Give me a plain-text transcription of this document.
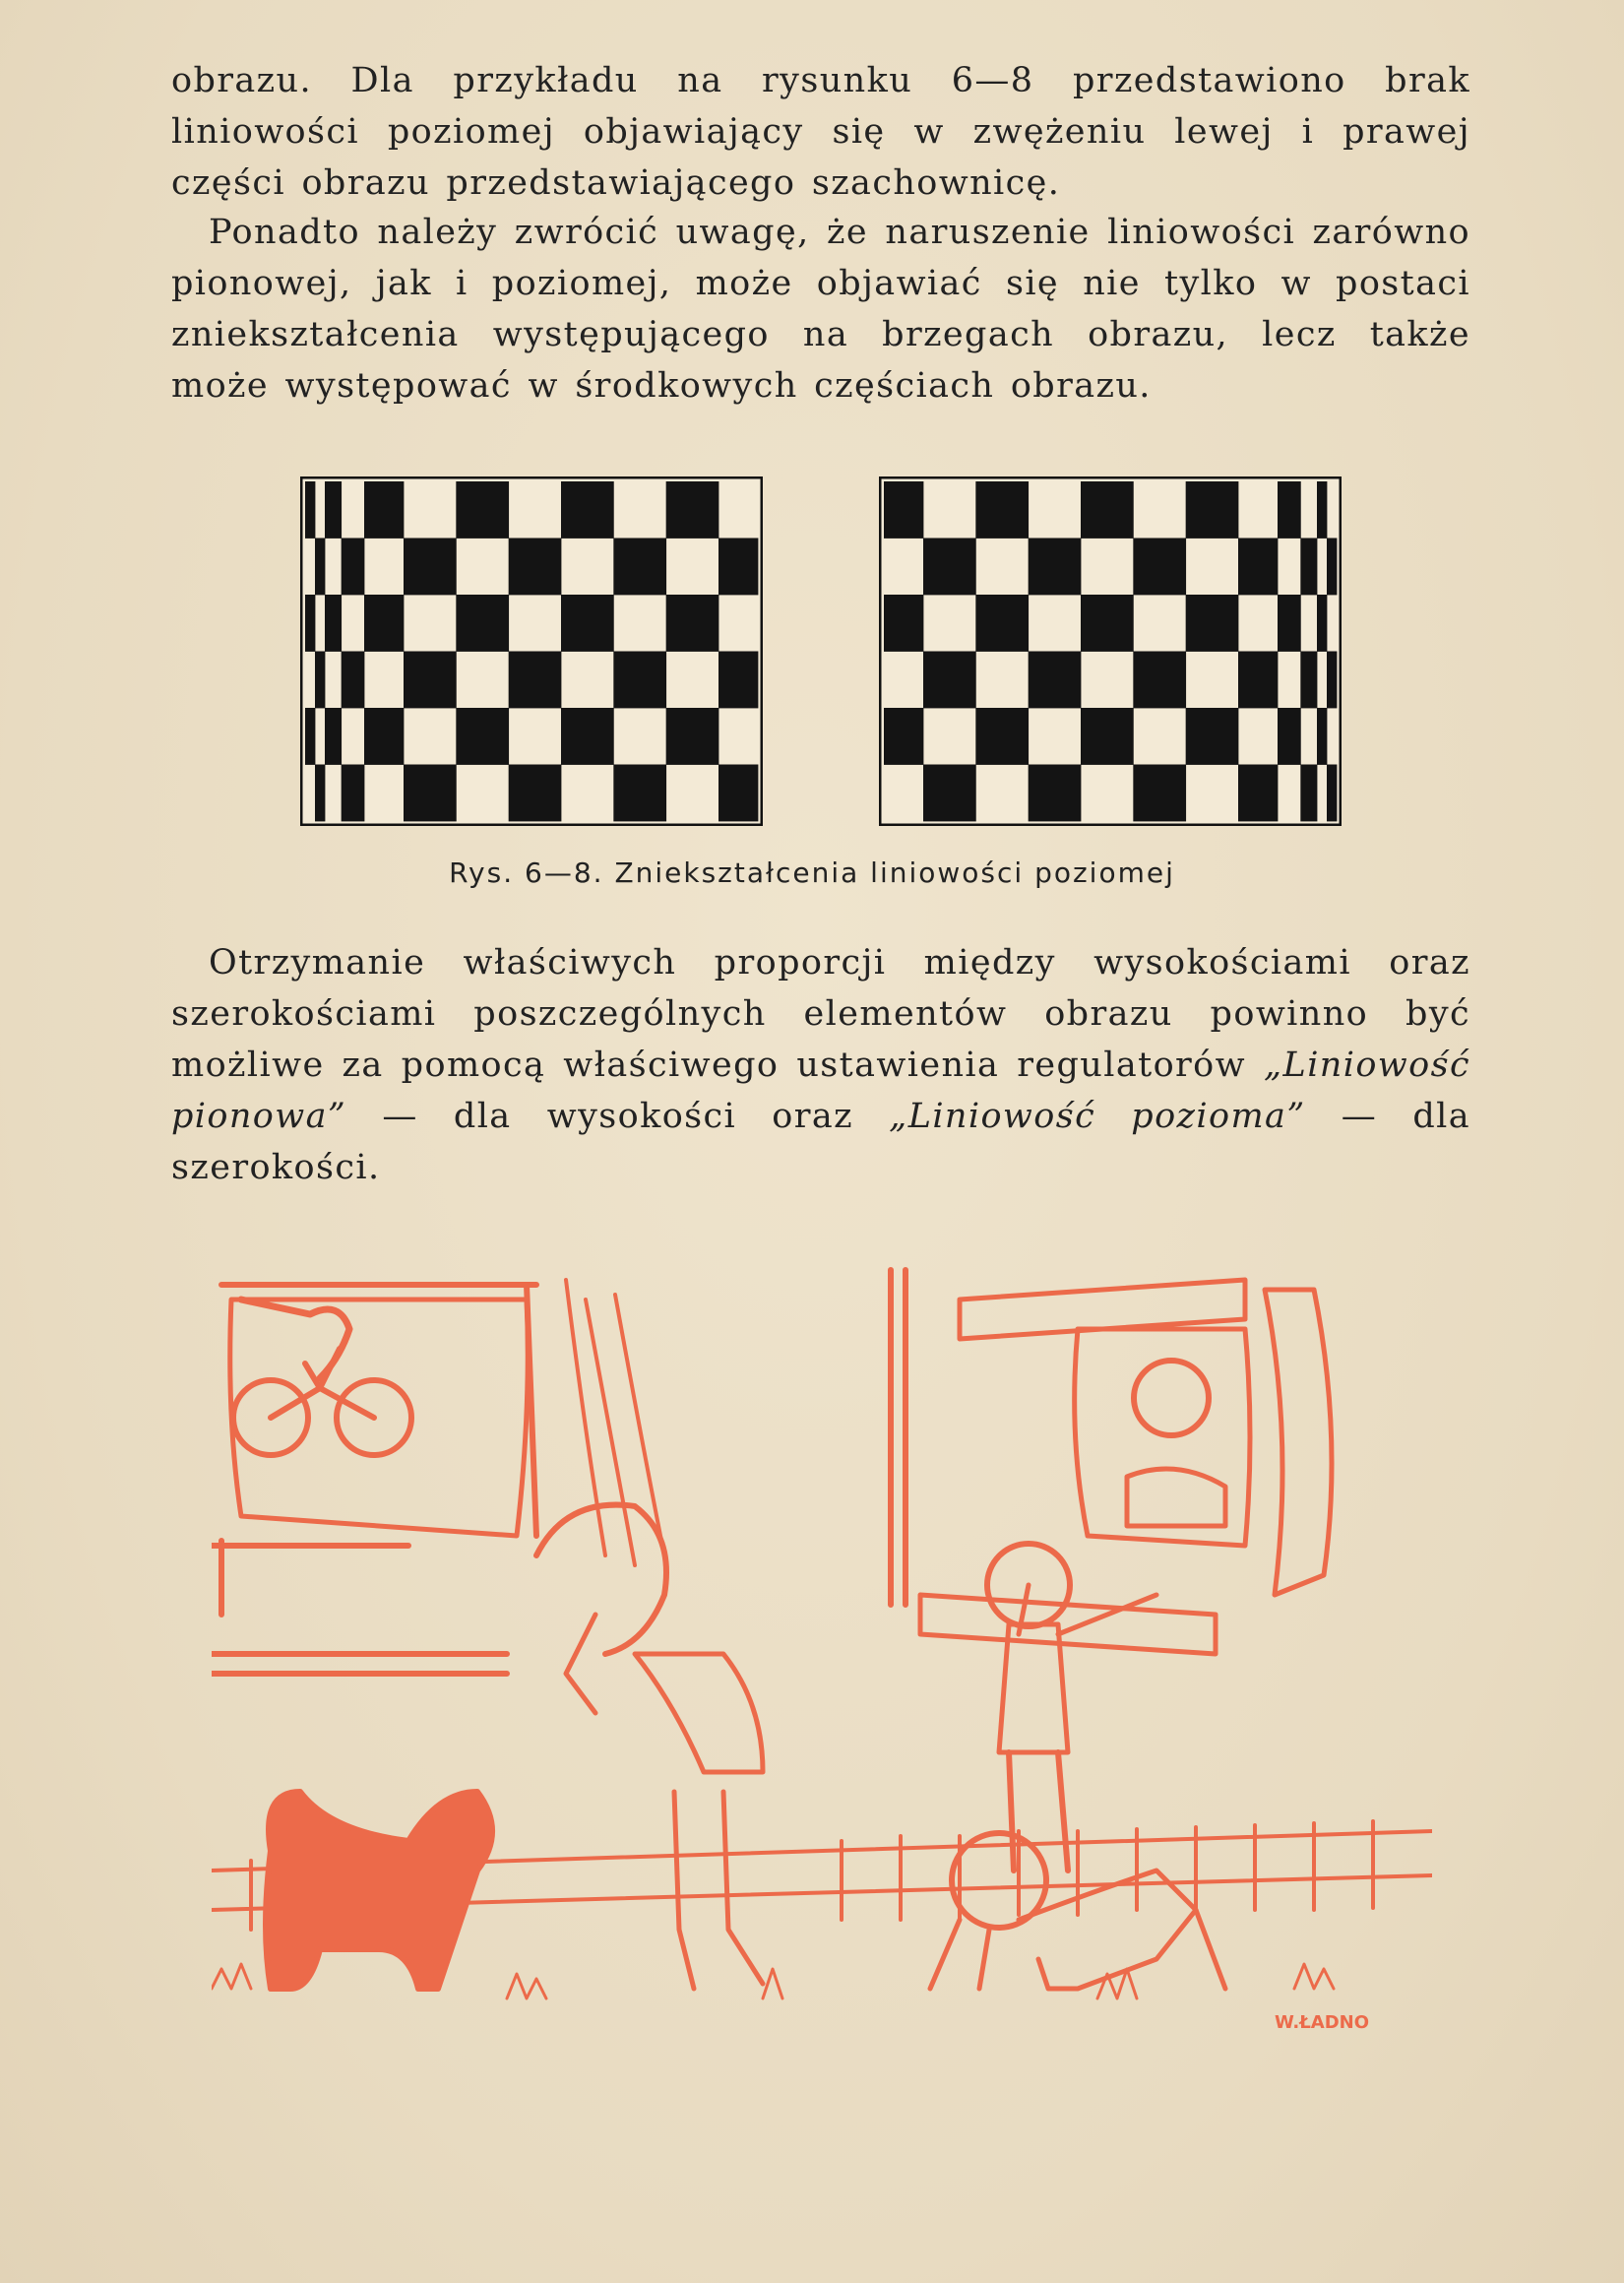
obrazu. Dla przykładu na rysunku 6—8 przedstawiono brak liniowości poziomej objawiający się w zwężeniu lewej i prawej części obrazu przedstawiającego szachownicę.

Ponadto należy zwrócić uwagę, że naruszenie liniowości zarówno pionowej, jak i poziomej, może objawiać się nie tylko w postaci zniekształcenia występującego na brzegach obrazu, lecz także może występować w środkowych częściach obrazu.

Rys. 6—8. Zniekształcenia liniowości poziomej

Otrzymanie właściwych proporcji między wysokościami oraz szerokościami poszczególnych elementów obrazu powinno być możliwe za pomocą właściwego ustawienia regulatorów „Liniowość pionowa” — dla wysokości oraz „Liniowość pozioma” — dla szerokości.

W.ŁADNO
